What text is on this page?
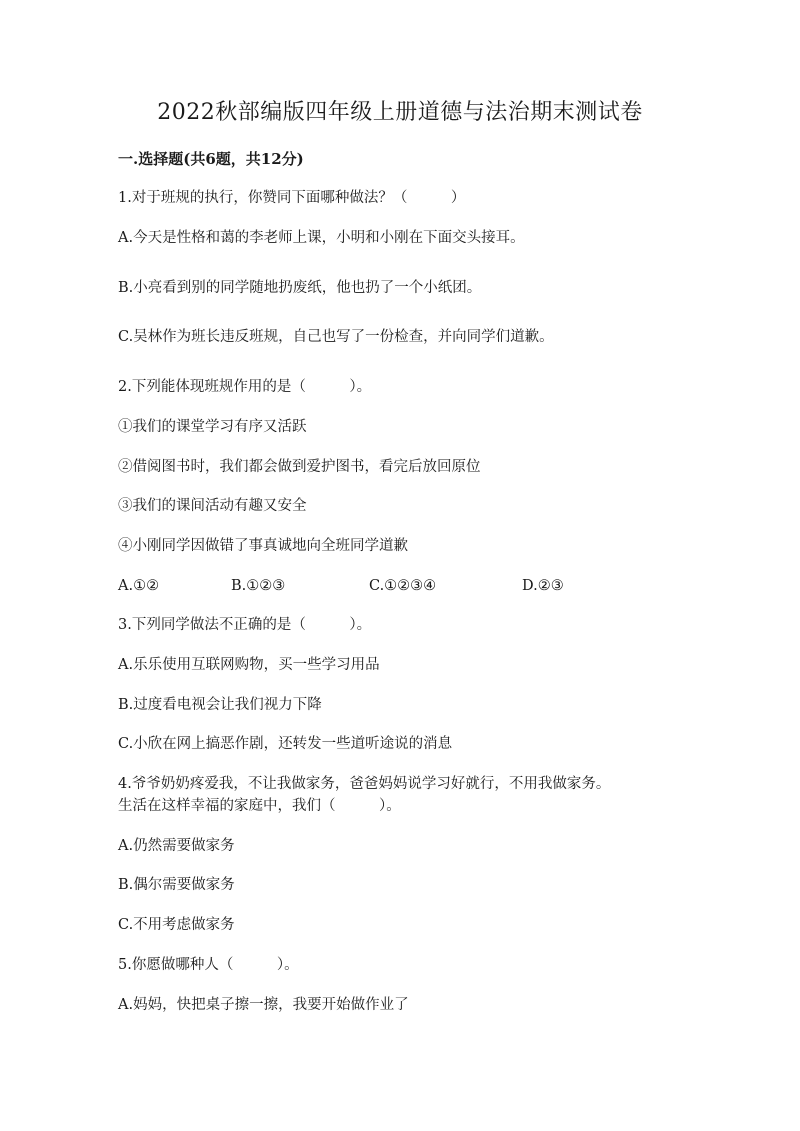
2022秋部编版四年级上册道德与法治期末测试卷
一.选择题(共6题，共12分)
1.对于班规的执行，你赞同下面哪种做法？（　　　）
A.今天是性格和蔼的李老师上课，小明和小刚在下面交头接耳。
B.小亮看到别的同学随地扔废纸，他也扔了一个小纸团。
C.吴林作为班长违反班规，自己也写了一份检查，并向同学们道歉。
2.下列能体现班规作用的是（　　　）。
①我们的课堂学习有序又活跃
②借阅图书时，我们都会做到爱护图书，看完后放回原位
③我们的课间活动有趣又安全
④小刚同学因做错了事真诚地向全班同学道歉
A.①②	B.①②③	C.①②③④	D.②③
3.下列同学做法不正确的是（　　　）。
A.乐乐使用互联网购物，买一些学习用品
B.过度看电视会让我们视力下降
C.小欣在网上搞恶作剧，还转发一些道听途说的消息
4.爷爷奶奶疼爱我，不让我做家务，爸爸妈妈说学习好就行，不用我做家务。
生活在这样幸福的家庭中，我们（　　　）。
A.仍然需要做家务
B.偶尔需要做家务
C.不用考虑做家务
5.你愿做哪种人（　　　）。
A.妈妈，快把桌子擦一擦，我要开始做作业了
